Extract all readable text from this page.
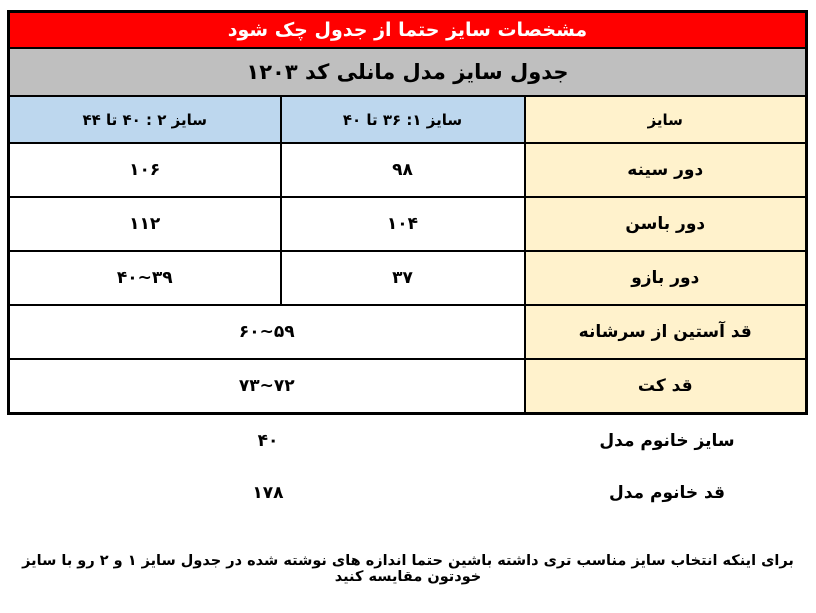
مشخصات سایز حتما از جدول چک شود		
جدول سایز مدل مانلی کد ۱۲۰۳		
سایز	سایز ۱: ۳۶ تا ۴۰	سایز ۲ : ۴۰ تا ۴۴
دور سینه	۹۸	۱۰۶
دور باسن	۱۰۴	۱۱۲
دور بازو	۳۷	۳۹~۴۰
قد آستین از سرشانه	۵۹~۶۰	
قد کت	۷۲~۷۳	
سایز خانوم مدل
۴۰
قد خانوم مدل
۱۷۸
برای اینکه انتخاب سایز مناسب تری داشته باشین حتما اندازه های نوشته شده در جدول سایز ۱ و ۲ رو با سایز خودتون مقایسه کنید
